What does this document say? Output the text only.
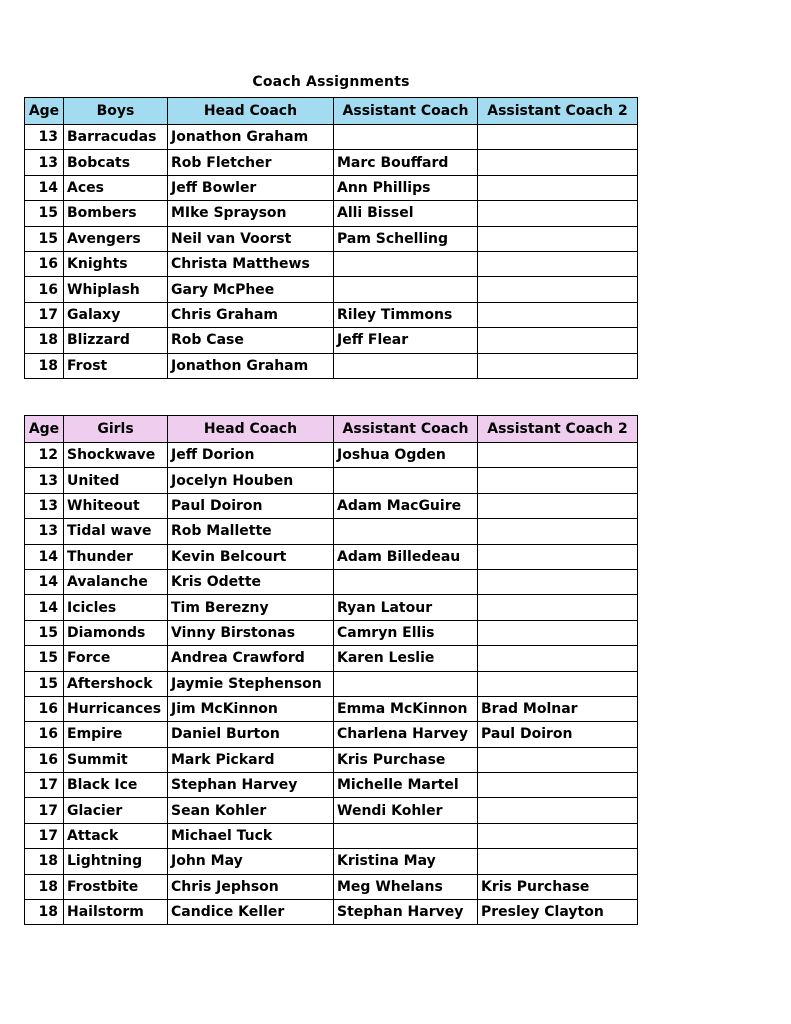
Coach Assignments
Age	Boys	Head Coach	Assistant Coach	Assistant Coach 2
13	Barracudas	Jonathon Graham		
13	Bobcats	Rob Fletcher	Marc Bouffard	
14	Aces	Jeff Bowler	Ann Phillips	
15	Bombers	MIke Sprayson	Alli Bissel	
15	Avengers	Neil van Voorst	Pam Schelling	
16	Knights	Christa Matthews		
16	Whiplash	Gary McPhee		
17	Galaxy	Chris Graham	Riley Timmons	
18	Blizzard	Rob Case	Jeff Flear	
18	Frost	Jonathon Graham		
Age	Girls	Head Coach	Assistant Coach	Assistant Coach 2
12	Shockwave	Jeff Dorion	Joshua Ogden	
13	United	Jocelyn Houben		
13	Whiteout	Paul Doiron	Adam MacGuire	
13	Tidal wave	Rob Mallette		
14	Thunder	Kevin Belcourt	Adam Billedeau	
14	Avalanche	Kris Odette		
14	Icicles	Tim Berezny	Ryan Latour	
15	Diamonds	Vinny Birstonas	Camryn Ellis	
15	Force	Andrea Crawford	Karen Leslie	
15	Aftershock	Jaymie Stephenson		
16	Hurricances	Jim McKinnon	Emma McKinnon	Brad Molnar
16	Empire	Daniel Burton	Charlena Harvey	Paul Doiron
16	Summit	Mark Pickard	Kris Purchase	
17	Black Ice	Stephan Harvey	Michelle Martel	
17	Glacier	Sean Kohler	Wendi Kohler	
17	Attack	Michael Tuck		
18	Lightning	John May	Kristina May	
18	Frostbite	Chris Jephson	Meg Whelans	Kris Purchase
18	Hailstorm	Candice Keller	Stephan Harvey	Presley Clayton
